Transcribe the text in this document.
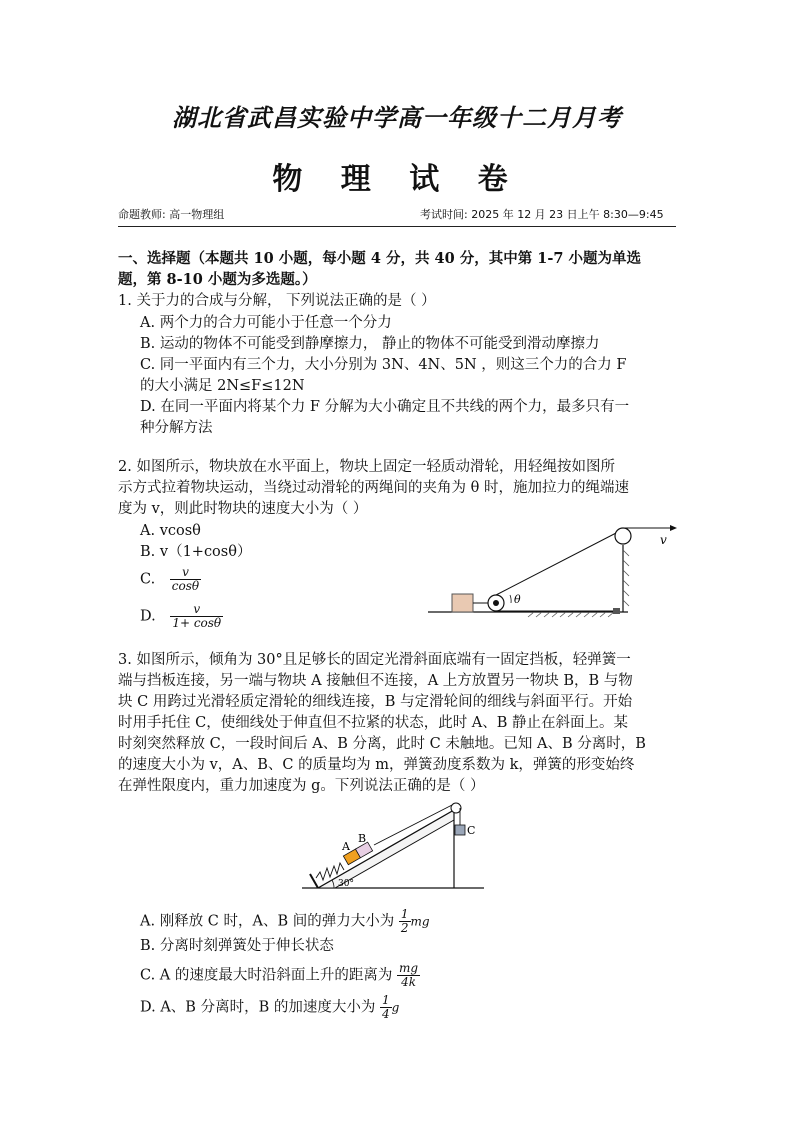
湖北省武昌实验中学高一年级十二月月考
物 理 试 卷
命题教师: 高一物理组	考试时间: 2025 年 12 月 23 日上午 8:30—9:45
一、选择题（本题共 10 小题，每小题 4 分，共 40 分，其中第 1-7 小题为单选
题，第 8-10 小题为多选题。）
1. 关于力的合成与分解， 下列说法正确的是（ ）
A. 两个力的合力可能小于任意一个分力
B. 运动的物体不可能受到静摩擦力， 静止的物体不可能受到滑动摩擦力
C. 同一平面内有三个力，大小分别为 3N、4N、5N ，则这三个力的合力 F
的大小满足 2N≤F≤12N
D. 在同一平面内将某个力 F 分解为大小确定且不共线的两个力，最多只有一
种分解方法
2. 如图所示，物块放在水平面上，物块上固定一轻质动滑轮，用轻绳按如图所
示方式拉着物块运动，当绕过动滑轮的两绳间的夹角为 θ 时，施加拉力的绳端速
度为 v，则此时物块的速度大小为（ ）
A. vcosθ
B. v（1+cosθ）
C. $\frac{v}{\cos\theta}$
D. $\frac{v}{1+ \cos\theta}$
θ
v
3. 如图所示，倾角为 30°且足够长的固定光滑斜面底端有一固定挡板，轻弹簧一
端与挡板连接，另一端与物块 A 接触但不连接，A 上方放置另一物块 B，B 与物
块 C 用跨过光滑轻质定滑轮的细线连接，B 与定滑轮间的细线与斜面平行。开始
时用手托住 C，使细线处于伸直但不拉紧的状态，此时 A、B 静止在斜面上。某
时刻突然释放 C，一段时间后 A、B 分离，此时 C 未触地。已知 A、B 分离时，B
的速度大小为 v，A、B、C 的质量均为 m，弹簧劲度系数为 k，弹簧的形变始终
在弹性限度内，重力加速度为 g。下列说法正确的是（ ）
A
B
C
30°
A. 刚释放 C 时，A、B 间的弹力大小为 $\frac{1}{2}$ mg
B. 分离时刻弹簧处于伸长状态
C. A 的速度最大时沿斜面上升的距离为 $\frac{mg}{4k}$
D. A、B 分离时，B 的加速度大小为 $\frac{1}{4}$ g
